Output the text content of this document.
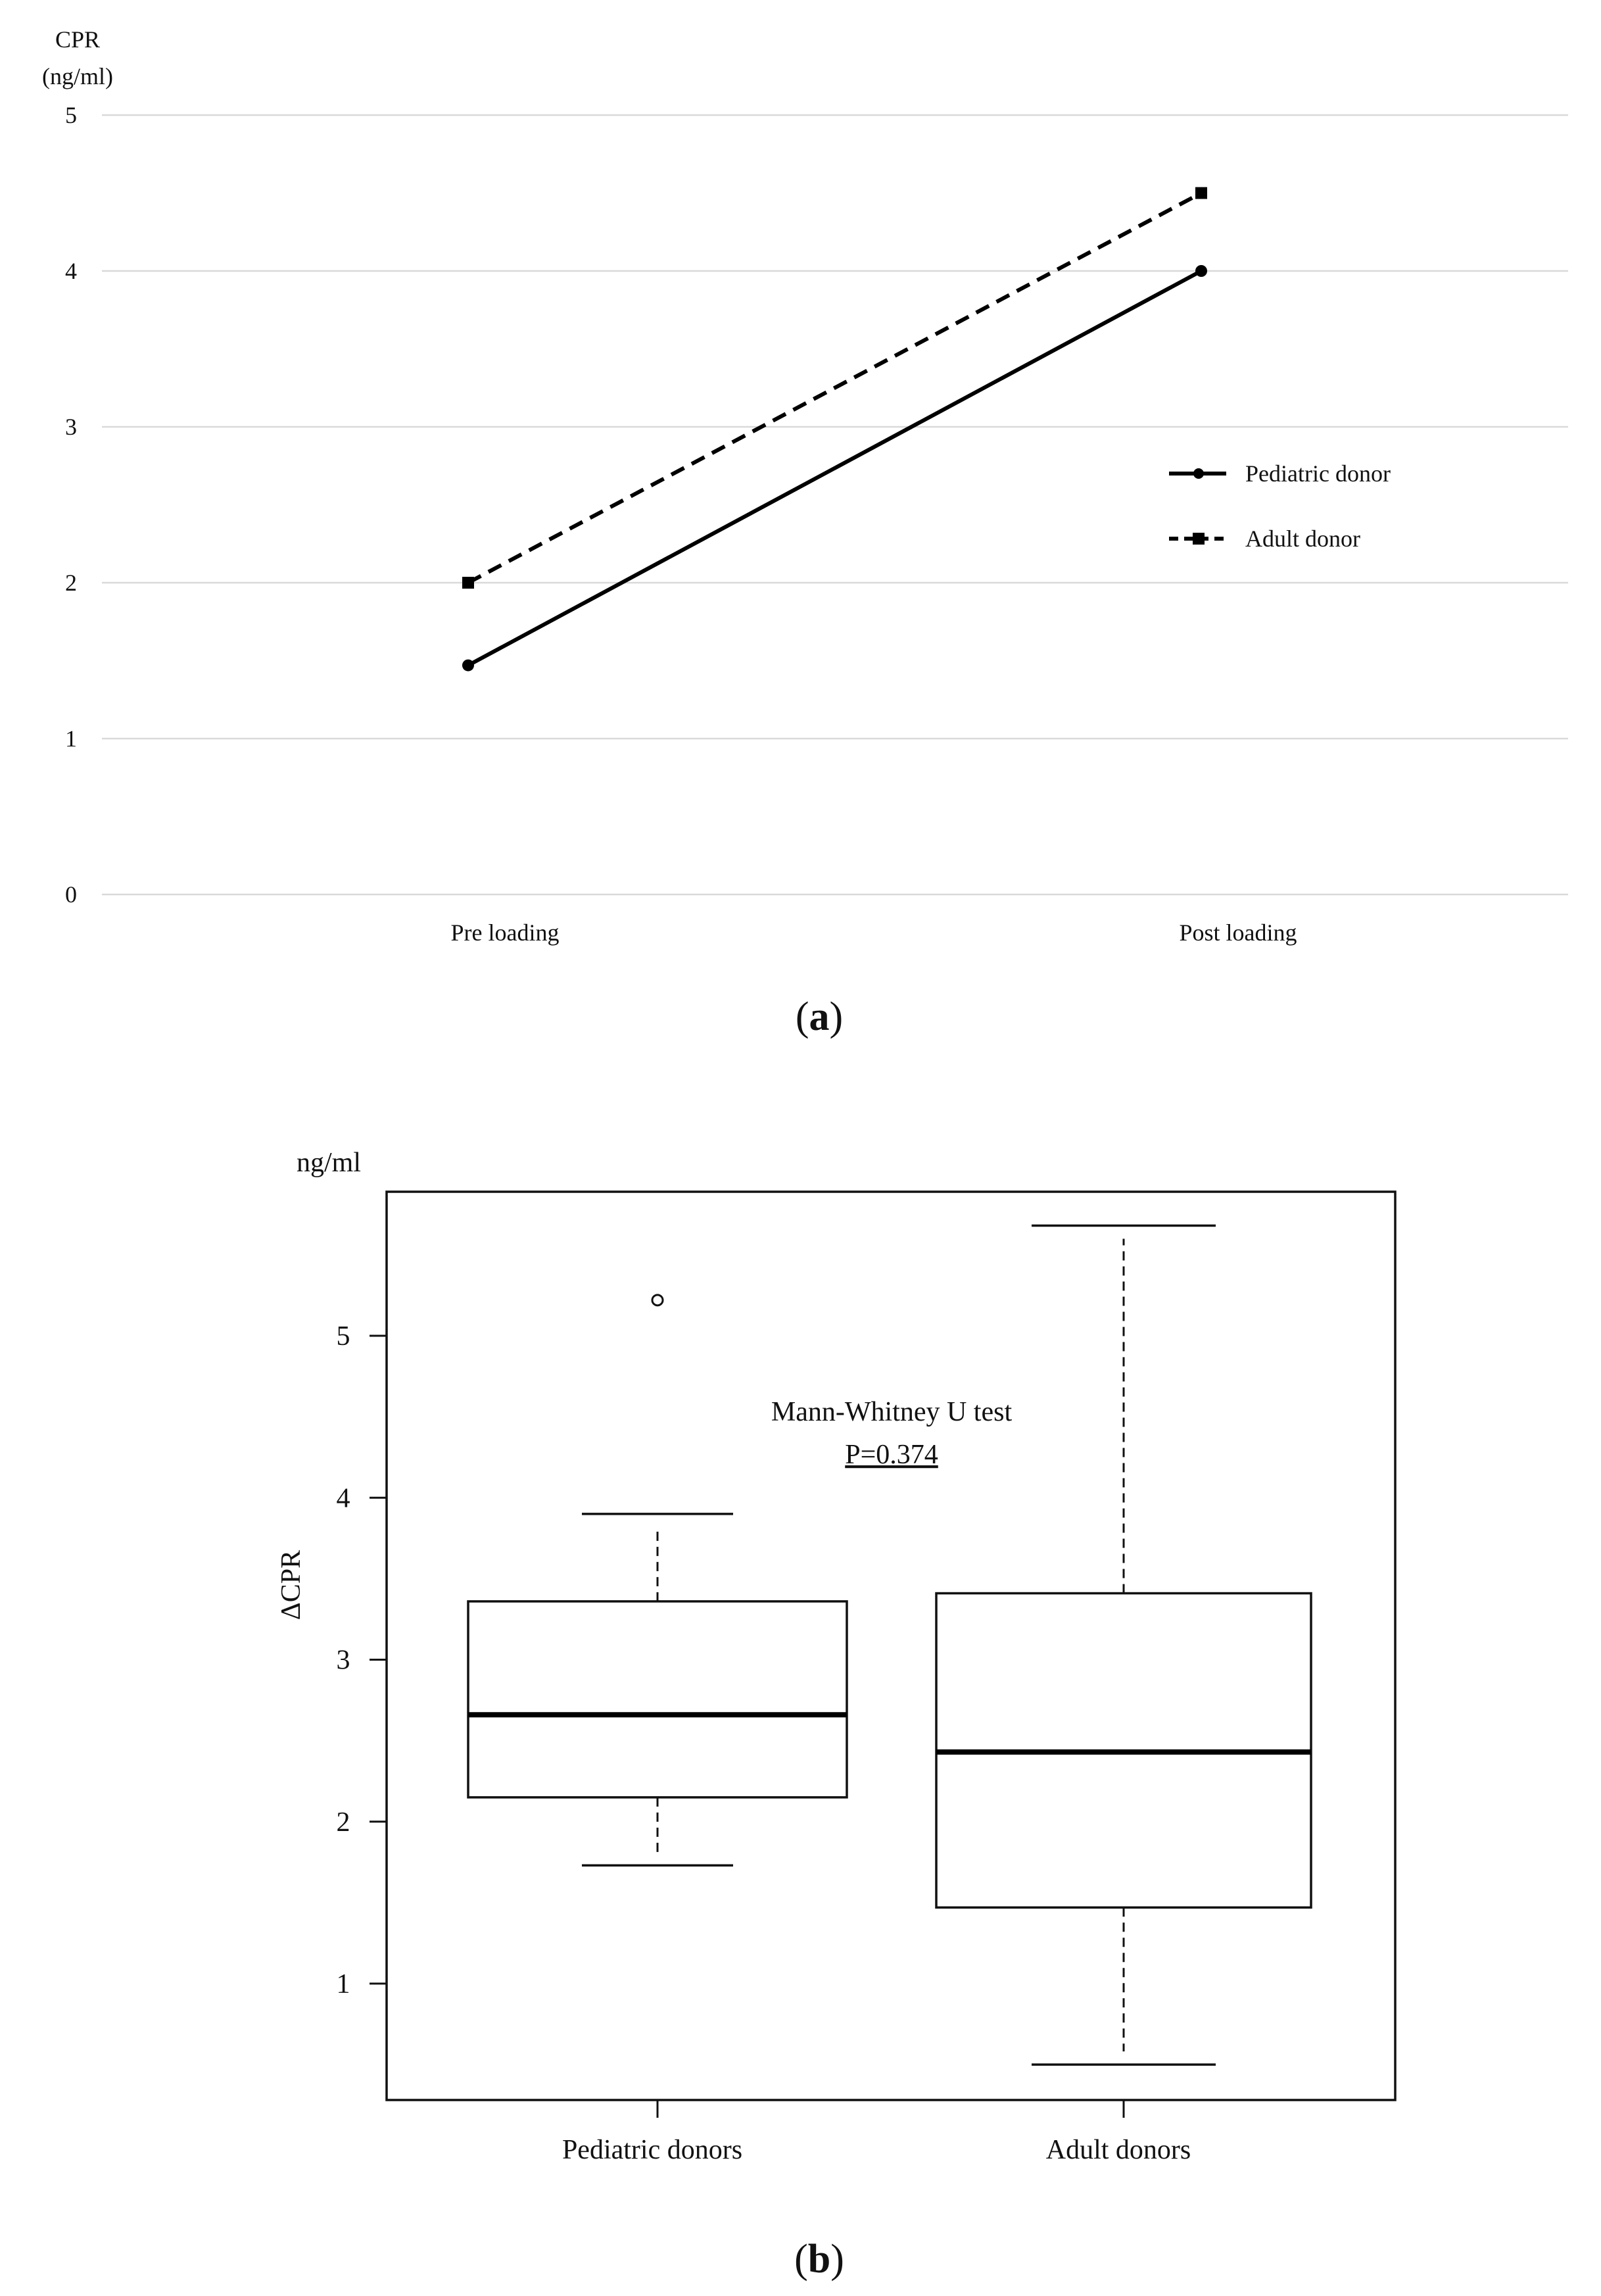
0
1
2
3
4
5
CPR
(ng/ml)
Pre loading	Post loading
Pediatric donor
Adult donor
(a)
ng/ml
ΔCPR
1
2
3
4
5
Pediatric donors	Adult donors
Mann-Whitney U test
P=0.374
(b)
